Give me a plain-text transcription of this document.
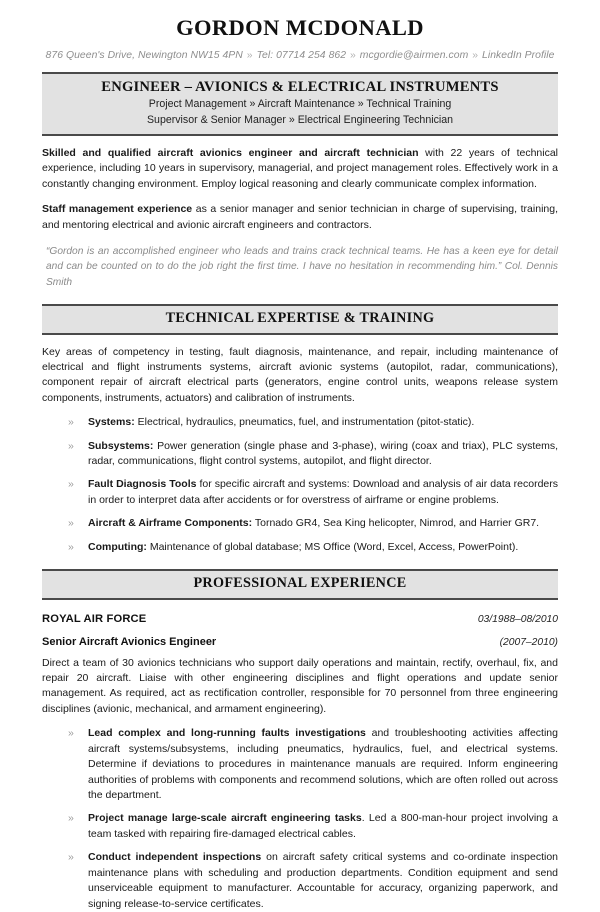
GORDON MCDONALD
876 Queen's Drive, Newington NW15 4PN » Tel: 07714 254 862 » mcgordie@airmen.com » LinkedIn Profile
ENGINEER – AVIONICS & ELECTRICAL INSTRUMENTS
Project Management » Aircraft Maintenance » Technical Training
Supervisor & Senior Manager » Electrical Engineering Technician

Skilled and qualified aircraft avionics engineer and aircraft technician with 22 years of technical experience, including 10 years in supervisory, managerial, and project management roles. Effectively work in a constantly changing environment. Employ logical reasoning and clearly communicate complex information.

Staff management experience as a senior manager and senior technician in charge of supervising, training, and mentoring electrical and avionic aircraft engineers and contractors.

“Gordon is an accomplished engineer who leads and trains crack technical teams. He has a keen eye for detail and can be counted on to do the job right the first time. I have no hesitation in recommending him.” Col. Dennis Smith
TECHNICAL EXPERTISE & TRAINING

Key areas of competency in testing, fault diagnosis, maintenance, and repair, including maintenance of electrical and flight instruments systems, aircraft avionic systems (autopilot, radar, communications), component repair of aircraft electrical parts (generators, engine control units, weapons release system components, instruments, actuators) and calibration of instruments.

» Systems: Electrical, hydraulics, pneumatics, fuel, and instrumentation (pitot-static).
» Subsystems: Power generation (single phase and 3-phase), wiring (coax and triax), PLC systems, radar, communications, flight control systems, autopilot, and flight director.
» Fault Diagnosis Tools for specific aircraft and systems: Download and analysis of air data recorders in order to interpret data after accidents or for overstress of airframe or engine problems.
» Aircraft & Airframe Components: Tornado GR4, Sea King helicopter, Nimrod, and Harrier GR7.
» Computing: Maintenance of global database; MS Office (Word, Excel, Access, PowerPoint).
PROFESSIONAL EXPERIENCE
ROYAL AIR FORCE	03/1988–08/2010
Senior Aircraft Avionics Engineer	(2007–2010)

Direct a team of 30 avionics technicians who support daily operations and maintain, rectify, overhaul, fix, and repair 20 aircraft. Liaise with other engineering disciplines and flight operations and update senior management. As required, act as rectification controller, responsible for 70 personnel from three engineering disciplines (avionic, mechanical, and armament engineering).

» Lead complex and long-running faults investigations and troubleshooting activities affecting aircraft systems/subsystems, including pneumatics, hydraulics, fuel, and electrical systems. Determine if deviations to procedures in maintenance manuals are required. Inform engineering authorities of problems with components and recommend solutions, which are often rolled out across the department.
» Project manage large-scale aircraft engineering tasks. Led a 800-man-hour project involving a team tasked with repairing fire-damaged electrical cables.
» Conduct independent inspections on aircraft safety critical systems and co-ordinate inspection maintenance plans with scheduling and production departments. Condition equipment and send unserviceable equipment to manufacturer. Accountable for accuracy, organizing paperwork, and signing release-to-service certificates.
